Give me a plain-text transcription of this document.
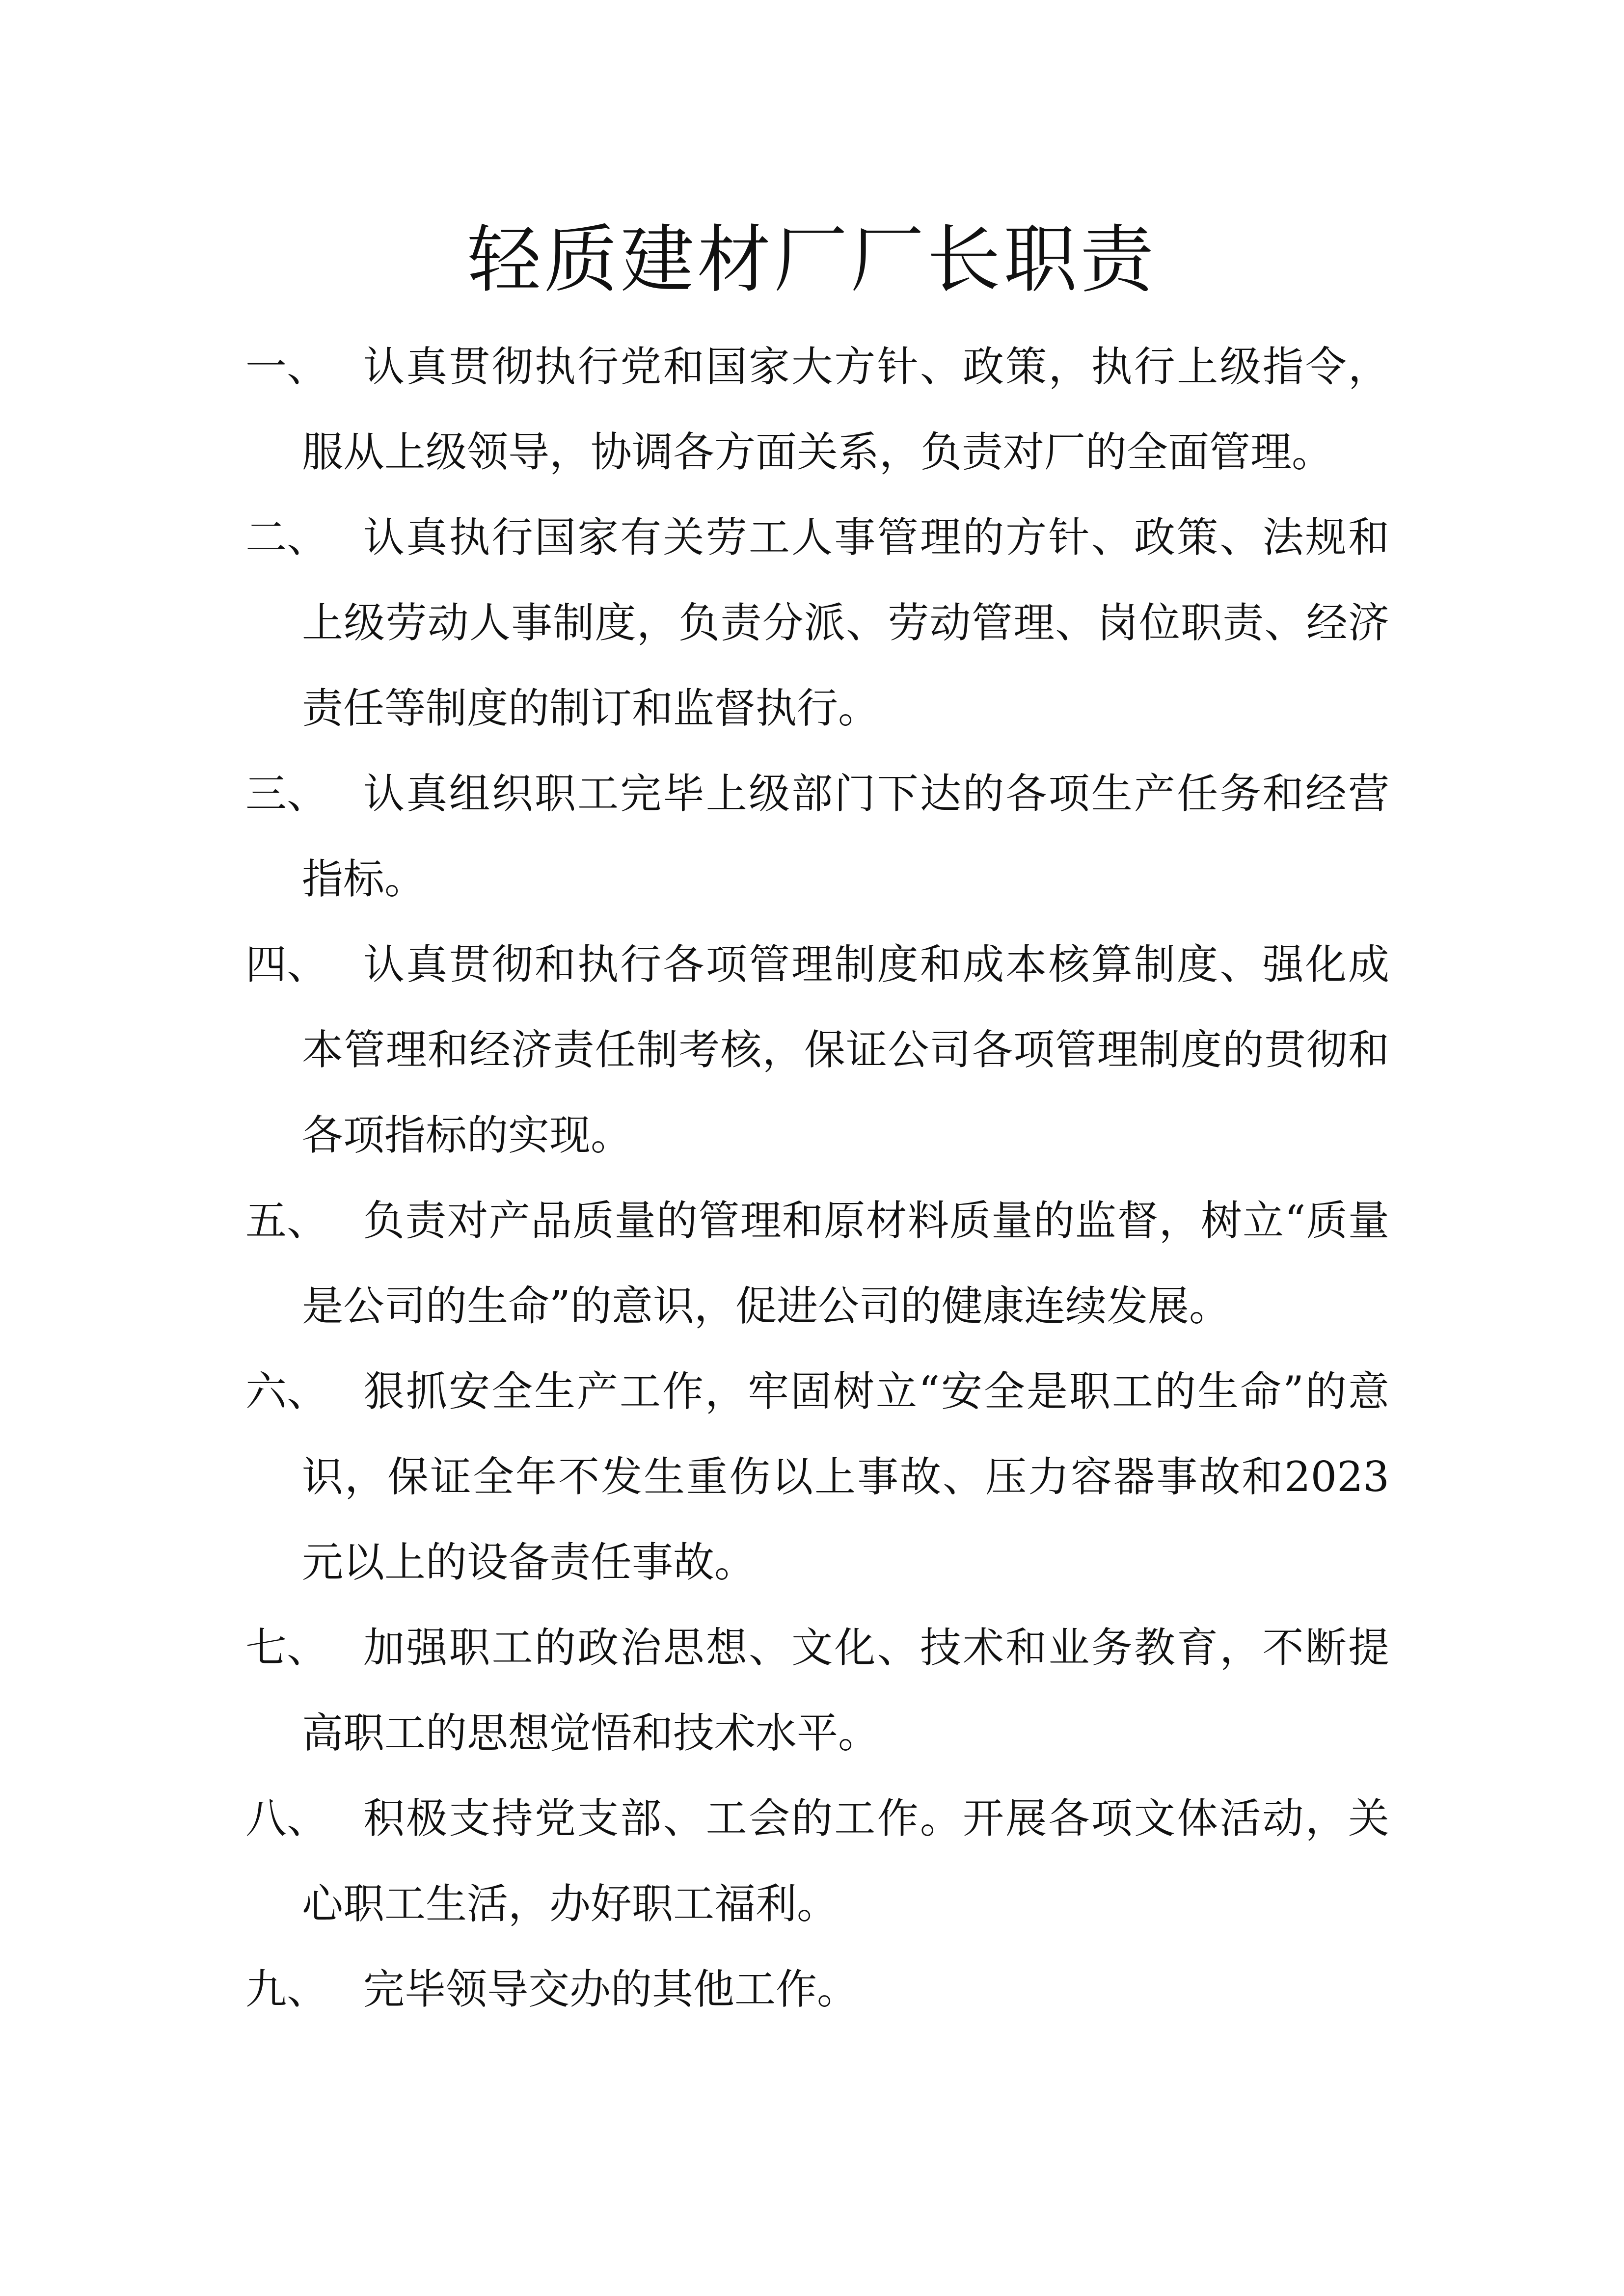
轻质建材厂厂长职责
一、 认真贯彻执行党和国家大方针、政策，执行上级指令，服从上级领导，协调各方面关系，负责对厂的全面管理。
二、 认真执行国家有关劳工人事管理的方针、政策、法规和上级劳动人事制度，负责分派、劳动管理、岗位职责、经济责任等制度的制订和监督执行。
三、 认真组织职工完毕上级部门下达的各项生产任务和经营指标。
四、 认真贯彻和执行各项管理制度和成本核算制度、强化成本管理和经济责任制考核，保证公司各项管理制度的贯彻和各项指标的实现。
五、 负责对产品质量的管理和原材料质量的监督，树立“质量是公司的生命”的意识，促进公司的健康连续发展。
六、 狠抓安全生产工作，牢固树立“安全是职工的生命”的意识，保证全年不发生重伤以上事故、压力容器事故和2023元以上的设备责任事故。
七、 加强职工的政治思想、文化、技术和业务教育，不断提高职工的思想觉悟和技术水平。
八、 积极支持党支部、工会的工作。开展各项文体活动，关心职工生活，办好职工福利。
九、 完毕领导交办的其他工作。
